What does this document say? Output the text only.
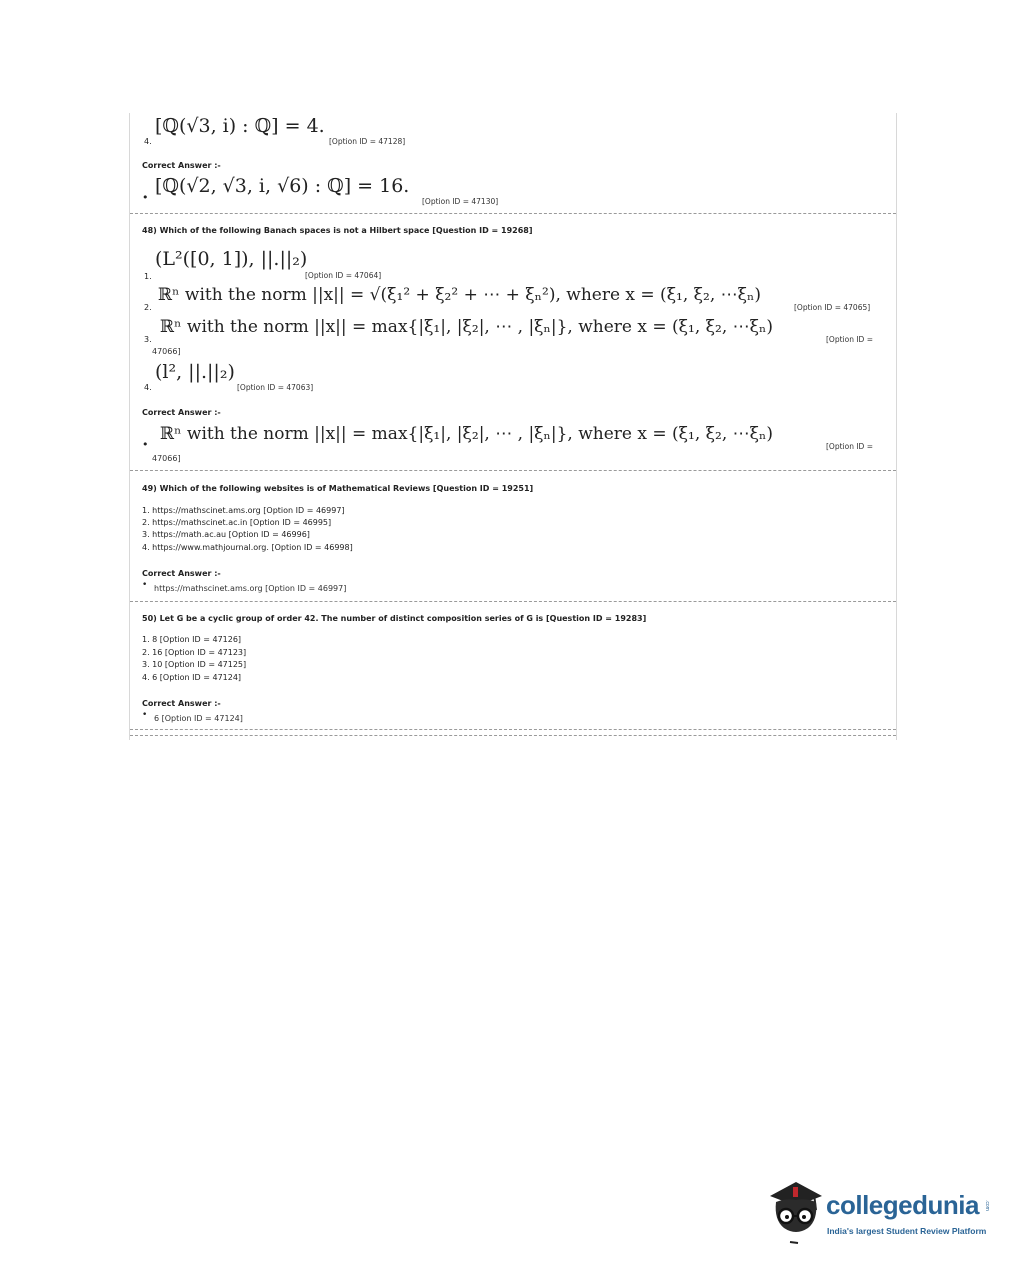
4.
[ℚ(√3, i) : ℚ] = 4.
[Option ID = 47128]
Correct Answer :-
•
[ℚ(√2, √3, i, √6) : ℚ] = 16.
[Option ID = 47130]
48) Which of the following Banach spaces is not a Hilbert space [Question ID = 19268]
1.
(L²([0, 1]), ||.||₂)
[Option ID = 47064]
2.
ℝⁿ with the norm ||x|| = √(ξ₁² + ξ₂² + ⋯ + ξₙ²), where x = (ξ₁, ξ₂, ⋯ξₙ)
[Option ID = 47065]
3.
ℝⁿ with the norm ||x|| = max{|ξ₁|, |ξ₂|, ⋯ , |ξₙ|}, where x = (ξ₁, ξ₂, ⋯ξₙ)
[Option ID =
47066]
4.
(l², ||.||₂)
[Option ID = 47063]
Correct Answer :-
•
ℝⁿ with the norm ||x|| = max{|ξ₁|, |ξ₂|, ⋯ , |ξₙ|}, where x = (ξ₁, ξ₂, ⋯ξₙ)
[Option ID =
47066]
49) Which of the following websites is of Mathematical Reviews [Question ID = 19251]
1. https://mathscinet.ams.org [Option ID = 46997]
2. https://mathscinet.ac.in [Option ID = 46995]
3. https://math.ac.au [Option ID = 46996]
4. https://www.mathjournal.org. [Option ID = 46998]
Correct Answer :-
• https://mathscinet.ams.org [Option ID = 46997]
50) Let G be a cyclic group of order 42. The number of distinct composition series of G is [Question ID = 19283]
1. 8 [Option ID = 47126]
2. 16 [Option ID = 47123]
3. 10 [Option ID = 47125]
4. 6 [Option ID = 47124]
Correct Answer :-
• 6 [Option ID = 47124]
collegedunia .com
India's largest Student Review Platform
